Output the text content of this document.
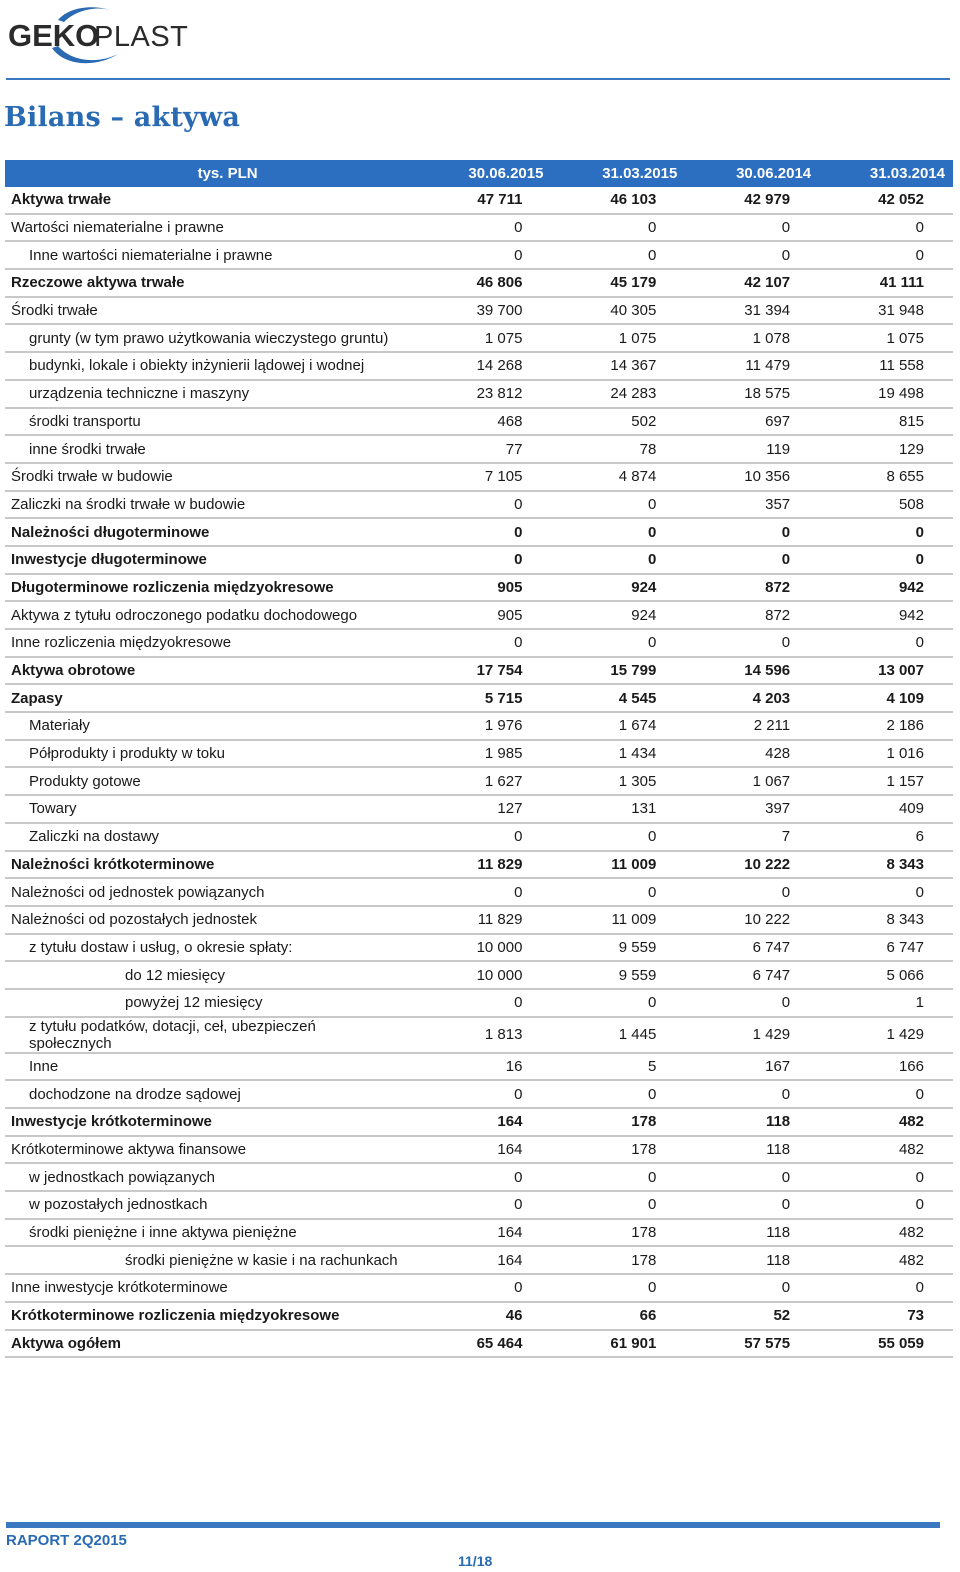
GEKO
PLAST
Bilans – aktywa
tys. PLN	30.06.2015	31.03.2015	30.06.2014	31.03.2014
Aktywa trwałe	47 711	46 103	42 979	42 052
Wartości niematerialne i prawne	0	0	0	0
Inne wartości niematerialne i prawne	0	0	0	0
Rzeczowe aktywa trwałe	46 806	45 179	42 107	41 111
Środki trwałe	39 700	40 305	31 394	31 948
grunty (w tym prawo użytkowania wieczystego gruntu)	1 075	1 075	1 078	1 075
budynki, lokale i obiekty inżynierii lądowej i wodnej	14 268	14 367	11 479	11 558
urządzenia techniczne i maszyny	23 812	24 283	18 575	19 498
środki transportu	468	502	697	815
inne środki trwałe	77	78	119	129
Środki trwałe w budowie	7 105	4 874	10 356	8 655
Zaliczki na środki trwałe w budowie	0	0	357	508
Należności długoterminowe	0	0	0	0
Inwestycje długoterminowe	0	0	0	0
Długoterminowe rozliczenia międzyokresowe	905	924	872	942
Aktywa z tytułu odroczonego podatku dochodowego	905	924	872	942
Inne rozliczenia międzyokresowe	0	0	0	0
Aktywa obrotowe	17 754	15 799	14 596	13 007
Zapasy	5 715	4 545	4 203	4 109
Materiały	1 976	1 674	2 211	2 186
Półprodukty i produkty w toku	1 985	1 434	428	1 016
Produkty gotowe	1 627	1 305	1 067	1 157
Towary	127	131	397	409
Zaliczki na dostawy	0	0	7	6
Należności krótkoterminowe	11 829	11 009	10 222	8 343
Należności od jednostek powiązanych	0	0	0	0
Należności od pozostałych jednostek	11 829	11 009	10 222	8 343
z tytułu dostaw i usług, o okresie spłaty:	10 000	9 559	6 747	6 747
do 12 miesięcy	10 000	9 559	6 747	5 066
powyżej 12 miesięcy	0	0	0	1
z tytułu podatków, dotacji, ceł, ubezpieczeń społecznych	1 813	1 445	1 429	1 429
Inne	16	5	167	166
dochodzone na drodze sądowej	0	0	0	0
Inwestycje krótkoterminowe	164	178	118	482
Krótkoterminowe aktywa finansowe	164	178	118	482
w jednostkach powiązanych	0	0	0	0
w pozostałych jednostkach	0	0	0	0
środki pieniężne i inne aktywa pieniężne	164	178	118	482
środki pieniężne w kasie i na rachunkach	164	178	118	482
Inne inwestycje krótkoterminowe	0	0	0	0
Krótkoterminowe rozliczenia międzyokresowe	46	66	52	73
Aktywa ogółem	65 464	61 901	57 575	55 059
RAPORT 2Q2015
11/18
